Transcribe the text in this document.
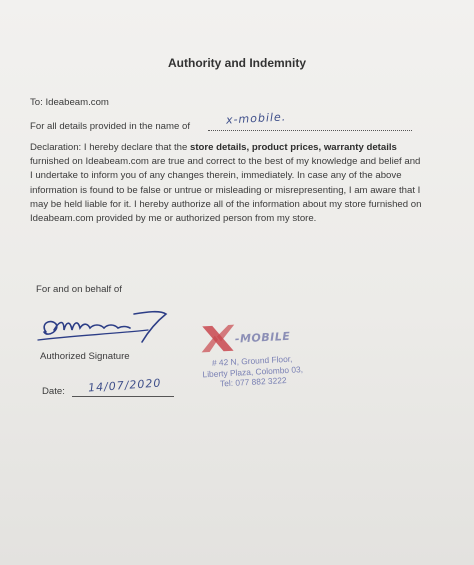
Authority and Indemnity
To: Ideabeam.com
For all details provided in the name of	x-mobile.
Declaration: I hereby declare that the store details, product prices, warranty details
furnished on Ideabeam.com are true and correct to the best of my knowledge and belief and
I undertake to inform you of any changes therein, immediately. In case any of the above
information is found to be false or untrue or misleading or misrepresenting, I am aware that I
may be held liable for it. I hereby authorize all of the information about my store furnished on
Ideabeam.com provided by me or authorized person from my store.
For and on behalf of
Authorized Signature
Date: 14/07/2020
-MOBILE
# 42 N, Ground Floor,
Liberty Plaza, Colombo 03,
Tel: 077 882 3222
